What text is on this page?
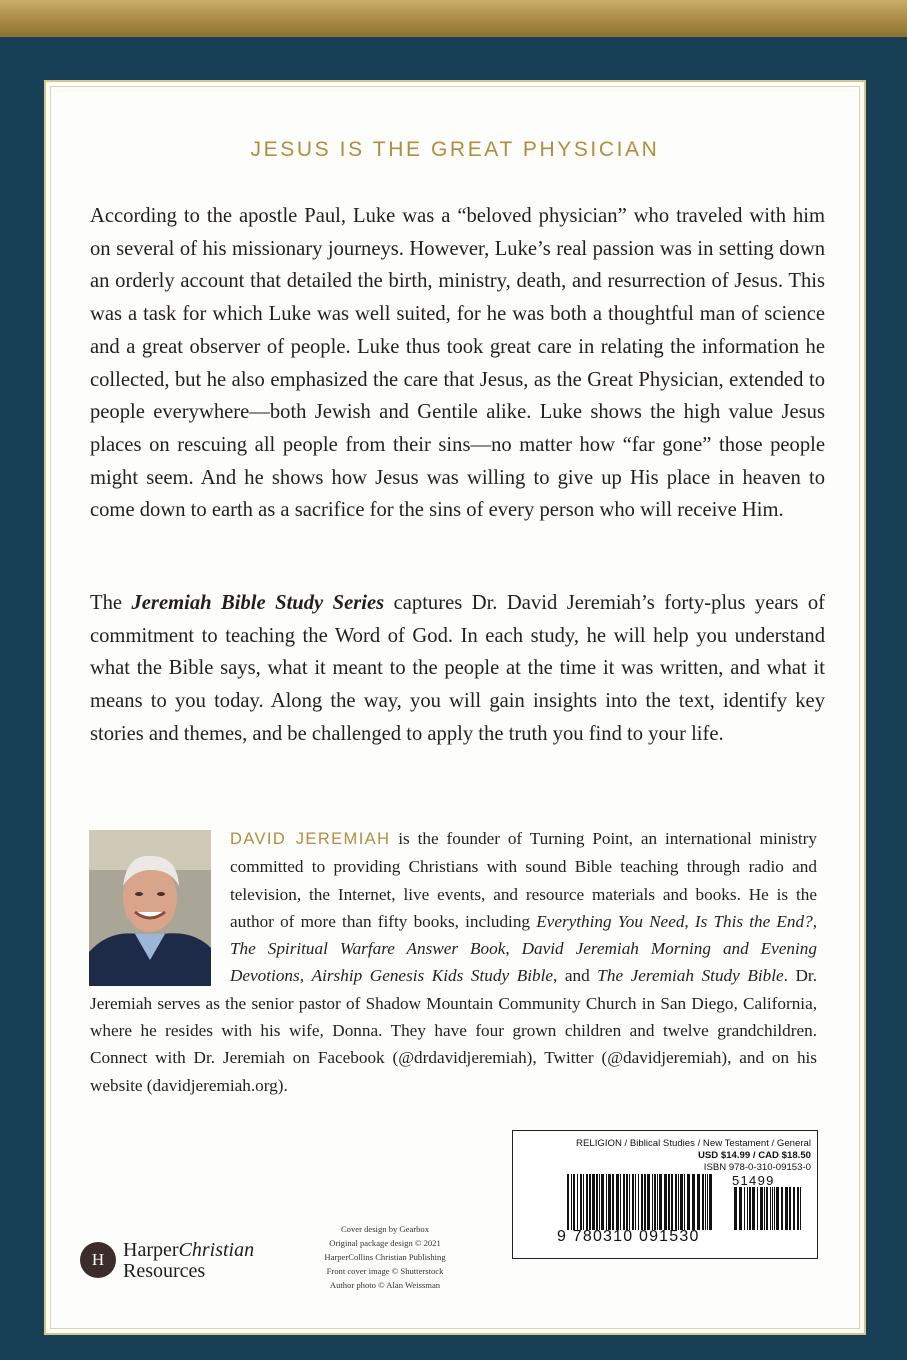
JESUS IS THE GREAT PHYSICIAN
According to the apostle Paul, Luke was a “beloved physician” who traveled with him on several of his missionary journeys. However, Luke’s real passion was in setting down an orderly account that detailed the birth, ministry, death, and resurrection of Jesus. This was a task for which Luke was well suited, for he was both a thoughtful man of science and a great observer of people. Luke thus took great care in relating the information he collected, but he also emphasized the care that Jesus, as the Great Physician, extended to people everywhere—both Jewish and Gentile alike. Luke shows the high value Jesus places on rescuing all people from their sins—no matter how “far gone” those people might seem. And he shows how Jesus was willing to give up His place in heaven to come down to earth as a sacrifice for the sins of every person who will receive Him.
The Jeremiah Bible Study Series captures Dr. David Jeremiah’s forty-plus years of commitment to teaching the Word of God. In each study, he will help you understand what the Bible says, what it meant to the people at the time it was written, and what it means to you today. Along the way, you will gain insights into the text, identify key stories and themes, and be challenged to apply the truth you find to your life.
DAVID JEREMIAH is the founder of Turning Point, an international ministry committed to providing Christians with sound Bible teaching through radio and television, the Internet, live events, and resource materials and books. He is the author of more than fifty books, including Everything You Need, Is This the End?, The Spiritual Warfare Answer Book, David Jeremiah Morning and Evening Devotions, Airship Genesis Kids Study Bible, and The Jeremiah Study Bible. Dr. Jeremiah serves as the senior pastor of Shadow Mountain Community Church in San Diego, California, where he resides with his wife, Donna. They have four grown children and twelve grandchildren. Connect with Dr. Jeremiah on Facebook (@drdavidjeremiah), Twitter (@davidjeremiah), and on his website (davidjeremiah.org).
H HarperChristian
Resources
Cover design by Gearbox
Original package design © 2021
HarperCollins Christian Publishing
Front cover image © Shutterstock
Author photo © Alan Weissman
RELIGION / Biblical Studies / New Testament / General
USD $14.99 / CAD $18.50
ISBN 978-0-310-09153-0
51499
9 780310 091530
